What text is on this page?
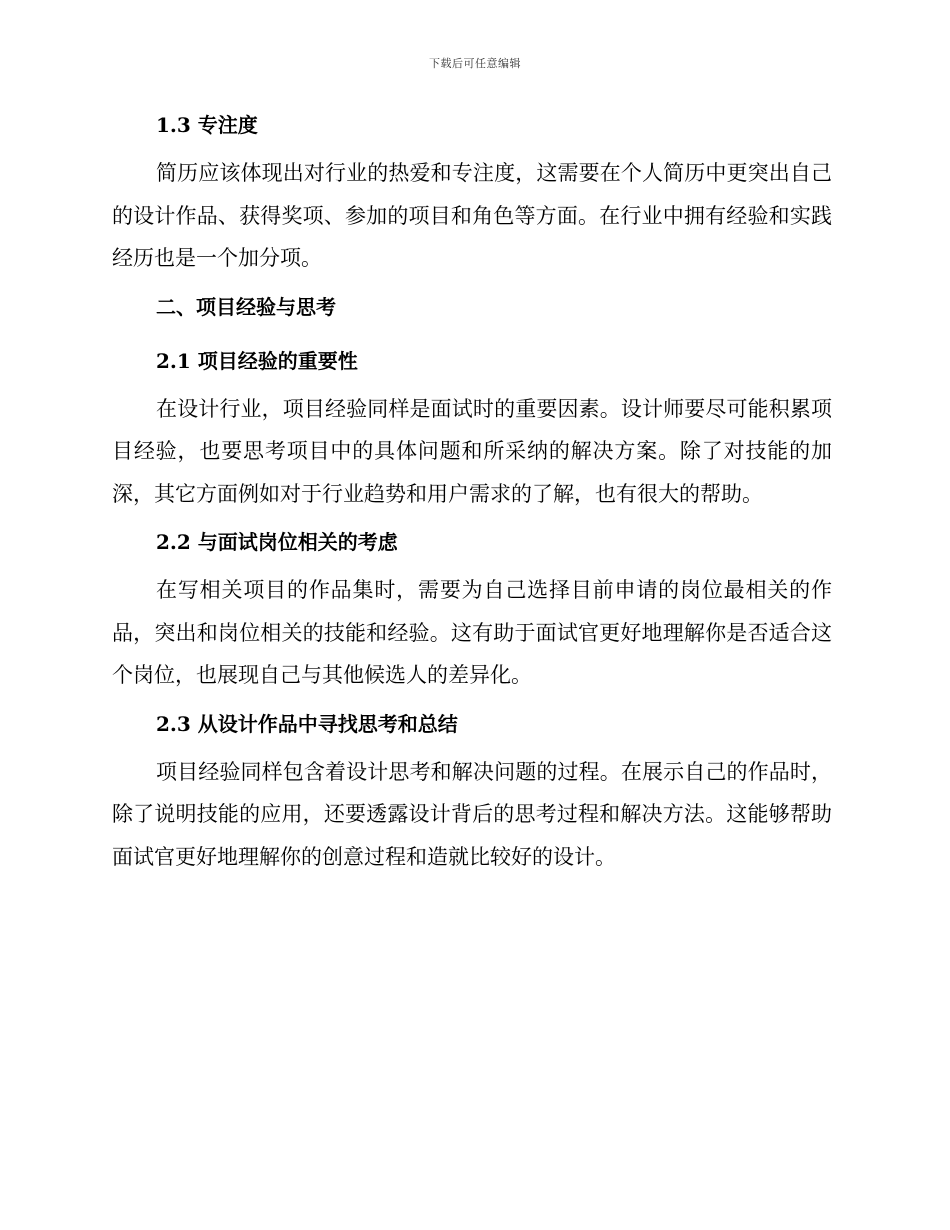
下载后可任意编辑

1.3 专注度

简历应该体现出对行业的热爱和专注度，这需要在个人简历中更突出自己的设计作品、获得奖项、参加的项目和角色等方面。在行业中拥有经验和实践经历也是一个加分项。

二、项目经验与思考

2.1 项目经验的重要性

在设计行业，项目经验同样是面试时的重要因素。设计师要尽可能积累项目经验，也要思考项目中的具体问题和所采纳的解决方案。除了对技能的加深，其它方面例如对于行业趋势和用户需求的了解，也有很大的帮助。

2.2 与面试岗位相关的考虑

在写相关项目的作品集时，需要为自己选择目前申请的岗位最相关的作品，突出和岗位相关的技能和经验。这有助于面试官更好地理解你是否适合这个岗位，也展现自己与其他候选人的差异化。

2.3 从设计作品中寻找思考和总结

项目经验同样包含着设计思考和解决问题的过程。在展示自己的作品时，除了说明技能的应用，还要透露设计背后的思考过程和解决方法。这能够帮助面试官更好地理解你的创意过程和造就比较好的设计。
